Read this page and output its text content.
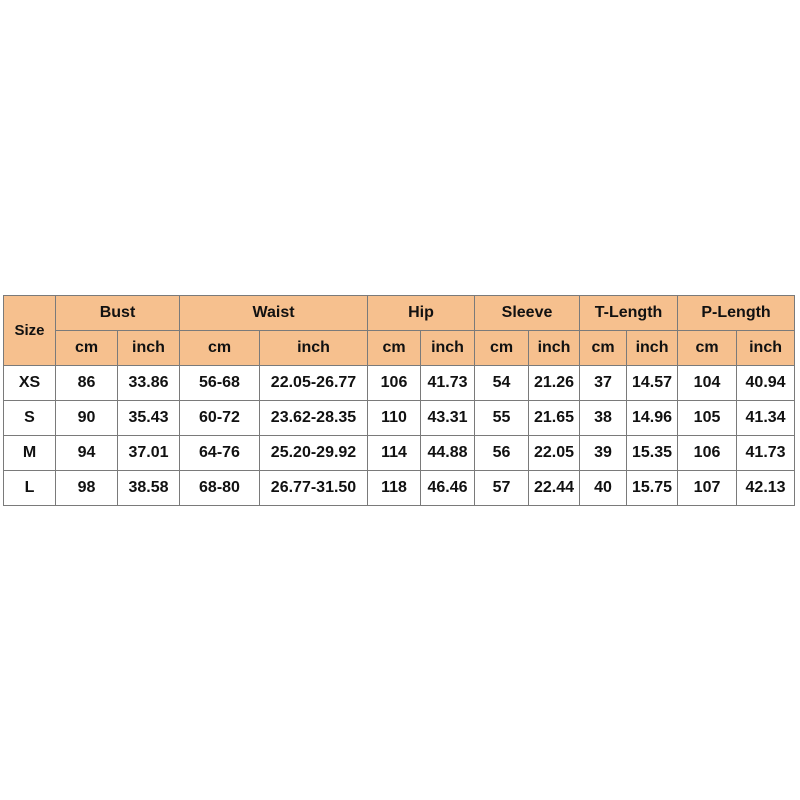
Size	Bust		Waist		Hip		Sleeve		T-Length		P-Length	
	cm	inch	cm	inch	cm	inch	cm	inch	cm	inch	cm	inch
XS	86	33.86	56-68	22.05-26.77	106	41.73	54	21.26	37	14.57	104	40.94
S	90	35.43	60-72	23.62-28.35	110	43.31	55	21.65	38	14.96	105	41.34
M	94	37.01	64-76	25.20-29.92	114	44.88	56	22.05	39	15.35	106	41.73
L	98	38.58	68-80	26.77-31.50	118	46.46	57	22.44	40	15.75	107	42.13
